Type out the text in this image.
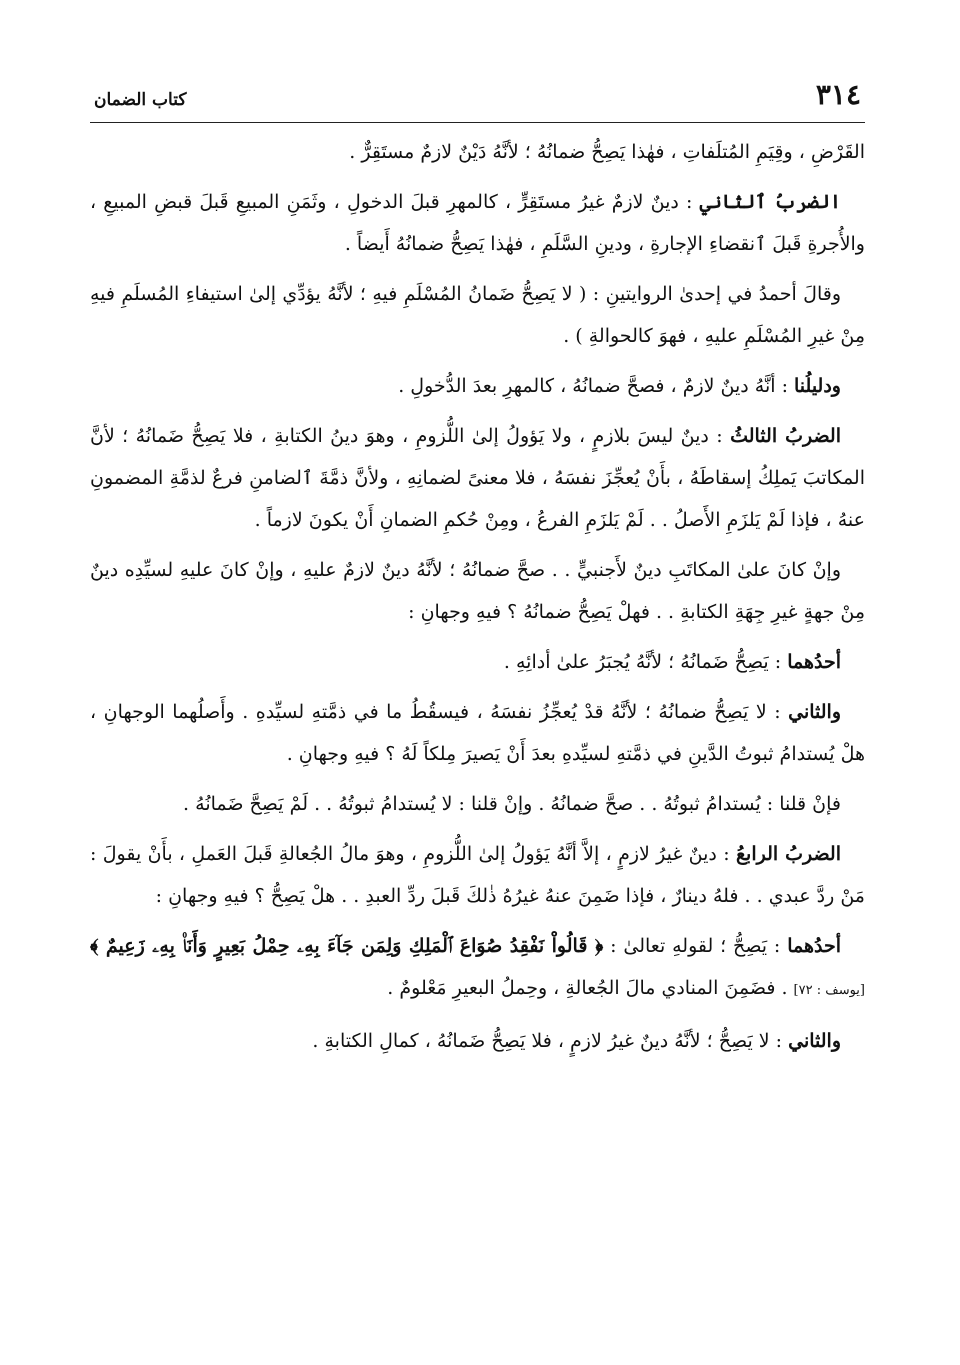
٣١٤
كتاب الضمان

القَرْضِ ، وقِيَمِ المُتلَفاتِ ، فهٰذا يَصِحُّ ضمانُهُ ؛ لأنَّهُ دَيْنٌ لازمٌ مستَقِرٌّ .

الضربُ ٱلثاني : دينٌ لازمٌ غيرُ مستَقِرٍّ ، كالمهرِ قبلَ الدخولِ ، وثَمَنِ المبيعِ قَبلَ قبضِ المبيعِ ، والأُجرةِ قَبلَ ٱنقضاءِ الإجارةِ ، ودينِ السَّلَمِ ، فهٰذا يَصِحُّ ضمانُهُ أَيضاً .

وقالَ أحمدُ في إحدىٰ الروايتينِ : ( لا يَصِحُّ ضَمانُ المُسْلَمِ فيهِ ؛ لأنَّهُ يؤدِّي إلىٰ استيفاءِ المُسلَمِ فيهِ مِنْ غيرِ المُسْلَمِ عليهِ ، فهوَ كالحوالةِ ) .

ودليلُنا : أنَّهُ دينٌ لازمٌ ، فصحَّ ضمانُهُ ، كالمهرِ بعدَ الدُّخولِ .

الضربُ الثالثُ : دينٌ ليسَ بلازمٍ ، ولا يَؤولُ إلىٰ اللُّزومِ ، وهوَ دينُ الكتابةِ ، فلا يَصِحُّ ضَمانُهُ ؛ لأنَّ المكاتبَ يَملِكُ إسقاطَهُ ، بأَنْ يُعجِّزَ نفسَهُ ، فلا معنىً لضمانِهِ ، ولأنَّ ذمَّةَ ٱلضامنِ فرعٌ لذمَّةِ المضمونِ عنهُ ، فإذا لَمْ يَلزَمِ الأَصلُ . . لَمْ يَلزَمِ الفرعُ ، ومِنْ حُكمِ الضمانِ أَنْ يكونَ لازماً .

وإنْ كانَ علىٰ المكاتَبِ دينٌ لأَجنبيٍّ . . صحَّ ضمانُهُ ؛ لأنَّهُ دينٌ لازمٌ عليهِ ، وإنْ كانَ عليهِ لسيِّدِه دينٌ مِنْ جهةٍ غيرِ جِهَةِ الكتابةِ . . فهلْ يَصِحُّ ضمانُهُ ؟ فيهِ وجهانِ :

أحدُهما : يَصِحُّ ضَمانُهُ ؛ لأنَّهُ يُجبَرُ علىٰ أدائِهِ .

والثاني : لا يَصِحُّ ضمانُهُ ؛ لأنَّهُ قدْ يُعجِّزُ نفسَهُ ، فيسقُطُ ما في ذمَّتهِ لسيِّدهِ . وأَصلُهما الوجهانِ ، هلْ يُستدامُ ثبوتُ الدَّينِ في ذمَّتهِ لسيِّدهِ بعدَ أَنْ يَصيرَ مِلكاً لَهُ ؟ فيهِ وجهانِ .

فإنْ قلنا : يُستدامُ ثبوتُهُ . . صحَّ ضمانُهُ . وإنْ قلنا : لا يُستدامُ ثبوتُهُ . . لَمْ يَصِحَّ ضَمانُهُ .

الضربُ الرابعُ : دينٌ غيرُ لازمٍ ، إلاَّ أنَّهُ يَؤولُ إلىٰ اللُّزومِ ، وهوَ مالُ الجُعالةِ قَبلَ العَملِ ، بأَنْ يقولَ : مَنْ ردَّ عبدي . . فلهُ دينارٌ ، فإذا ضَمِنَ عنهُ غيرُهُ ذٰلكَ قَبلَ ردِّ العبدِ . . هلْ يَصِحُّ ؟ فيهِ وجهانِ :

أحدُهما : يَصِحُّ ؛ لقولهِ تعالىٰ : ﴿ قَالُواْ نَفْقِدُ صُوَاعَ ٱلْمَلِكِ وَلِمَن جَآءَ بِهِۦ حِمْلُ بَعِيرٍ وَأَنَا۠ بِهِۦ زَعِيمٌ ﴾ [يوسف : ٧٢] . فضَمِنَ المنادي مالَ الجُعالةِ ، وحِملُ البعيرِ مَعْلومٌ .

والثاني : لا يَصِحُّ ؛ لأنَّهُ دينٌ غيرُ لازمٍ ، فلا يَصِحُّ ضَمانُهُ ، كمالِ الكتابةِ .
